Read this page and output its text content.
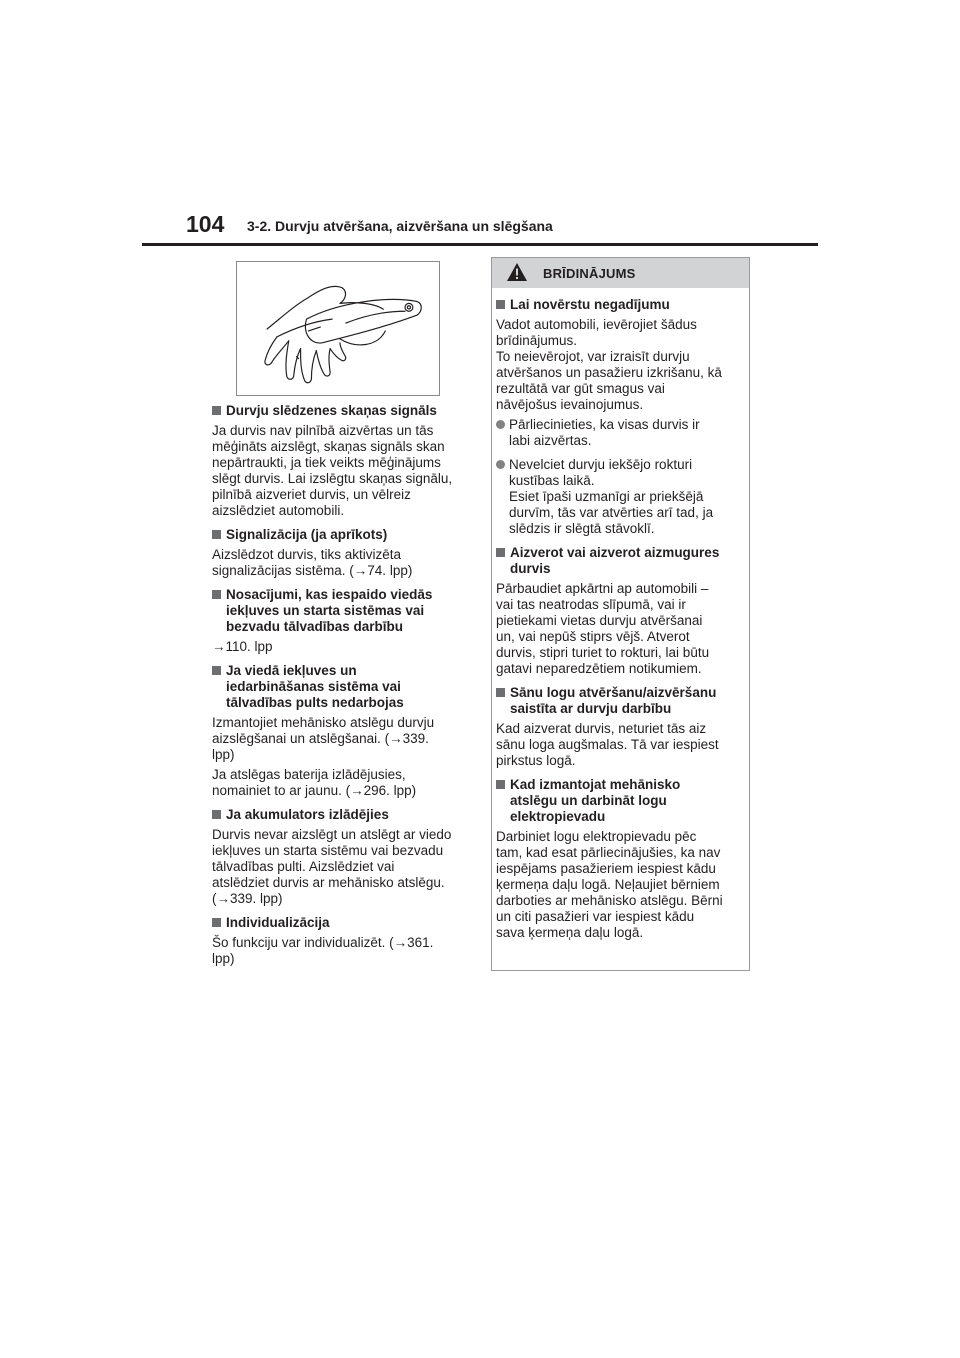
104 3-2. Durvju atvēršana, aizvēršana un slēgšana
Durvju slēdzenes skaņas signāls

Ja durvis nav pilnībā aizvērtas un tās
mēģināts aizslēgt, skaņas signāls skan
nepārtraukti, ja tiek veikts mēģinājums
slēgt durvis. Lai izslēgtu skaņas signālu,
pilnībā aizveriet durvis, un vēlreiz
aizslēdziet automobili.

Signalizācija (ja aprīkots)

Aizslēdzot durvis, tiks aktivizēta
signalizācijas sistēma. (→74. lpp)

Nosacījumi, kas iespaido viedās
iekļuves un starta sistēmas vai
bezvadu tālvadības darbību

→110. lpp

Ja viedā iekļuves un
iedarbināšanas sistēma vai
tālvadības pults nedarbojas

Izmantojiet mehānisko atslēgu durvju
aizslēgšanai un atslēgšanai. (→339.
lpp)

Ja atslēgas baterija izlādējusies,
nomainiet to ar jaunu. (→296. lpp)

Ja akumulators izlādējies

Durvis nevar aizslēgt un atslēgt ar viedo
iekļuves un starta sistēmu vai bezvadu
tālvadības pulti. Aizslēdziet vai
atslēdziet durvis ar mehānisko atslēgu.
(→339. lpp)

Individualizācija

Šo funkciju var individualizēt. (→361.
lpp)

BRĪDINĀJUMS
Lai novērstu negadījumu

Vadot automobili, ievērojiet šādus
brīdinājumus.
To neievērojot, var izraisīt durvju
atvēršanos un pasažieru izkrišanu, kā
rezultātā var gūt smagus vai
nāvējošus ievainojumus.

Pārliecinieties, ka visas durvis ir
labi aizvērtas.
Nevelciet durvju iekšējo rokturi
kustības laikā.
Esiet īpaši uzmanīgi ar priekšējā
durvīm, tās var atvērties arī tad, ja
slēdzis ir slēgtā stāvoklī.
Aizverot vai aizverot aizmugures
durvis

Pārbaudiet apkārtni ap automobili –
vai tas neatrodas slīpumā, vai ir
pietiekami vietas durvju atvēršanai
un, vai nepūš stiprs vējš. Atverot
durvis, stipri turiet to rokturi, lai būtu
gatavi neparedzētiem notikumiem.

Sānu logu atvēršanu/aizvēršanu
saistīta ar durvju darbību

Kad aizverat durvis, neturiet tās aiz
sānu loga augšmalas. Tā var iespiest
pirkstus logā.

Kad izmantojat mehānisko
atslēgu un darbināt logu
elektropievadu

Darbiniet logu elektropievadu pēc
tam, kad esat pārliecinājušies, ka nav
iespējams pasažieriem iespiest kādu
ķermeņa daļu logā. Neļaujiet bērniem
darboties ar mehānisko atslēgu. Bērni
un citi pasažieri var iespiest kādu
sava ķermeņa daļu logā.
